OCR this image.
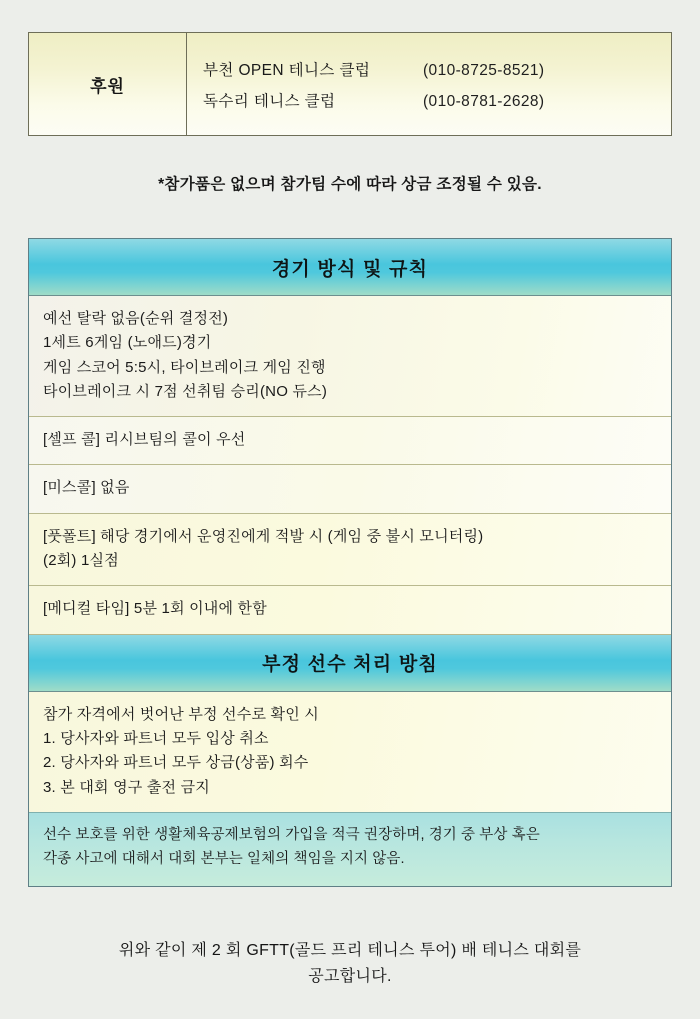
후원
부천 OPEN 테니스 클럽	(010-8725-8521)
독수리 테니스 클럽	(010-8781-2628)
*참가품은 없으며 참가팀 수에 따라 상금 조정될 수 있음.
경기 방식 및 규칙
예선 탈락 없음(순위 결정전)
1세트 6게임 (노애드)경기
게임 스코어 5:5시, 타이브레이크 게임 진행
타이브레이크 시 7점 선취팀 승리(NO 듀스)
[셀프 콜] 리시브팀의 콜이 우선
[미스콜] 없음
[풋폴트] 해당 경기에서 운영진에게 적발 시 (게임 중 불시 모니터링)
(2회) 1실점
[메디컬 타임] 5분 1회 이내에 한함
부정 선수 처리 방침
참가 자격에서 벗어난 부정 선수로 확인 시
1. 당사자와 파트너 모두 입상 취소
2. 당사자와 파트너 모두 상금(상품) 회수
3. 본 대회 영구 출전 금지
선수 보호를 위한 생활체육공제보험의 가입을 적극 권장하며, 경기 중 부상 혹은
각종 사고에 대해서 대회 본부는 일체의 책임을 지지 않음.
위와 같이 제 2 회 GFTT(골드 프리 테니스 투어) 배 테니스 대회를
공고합니다.
